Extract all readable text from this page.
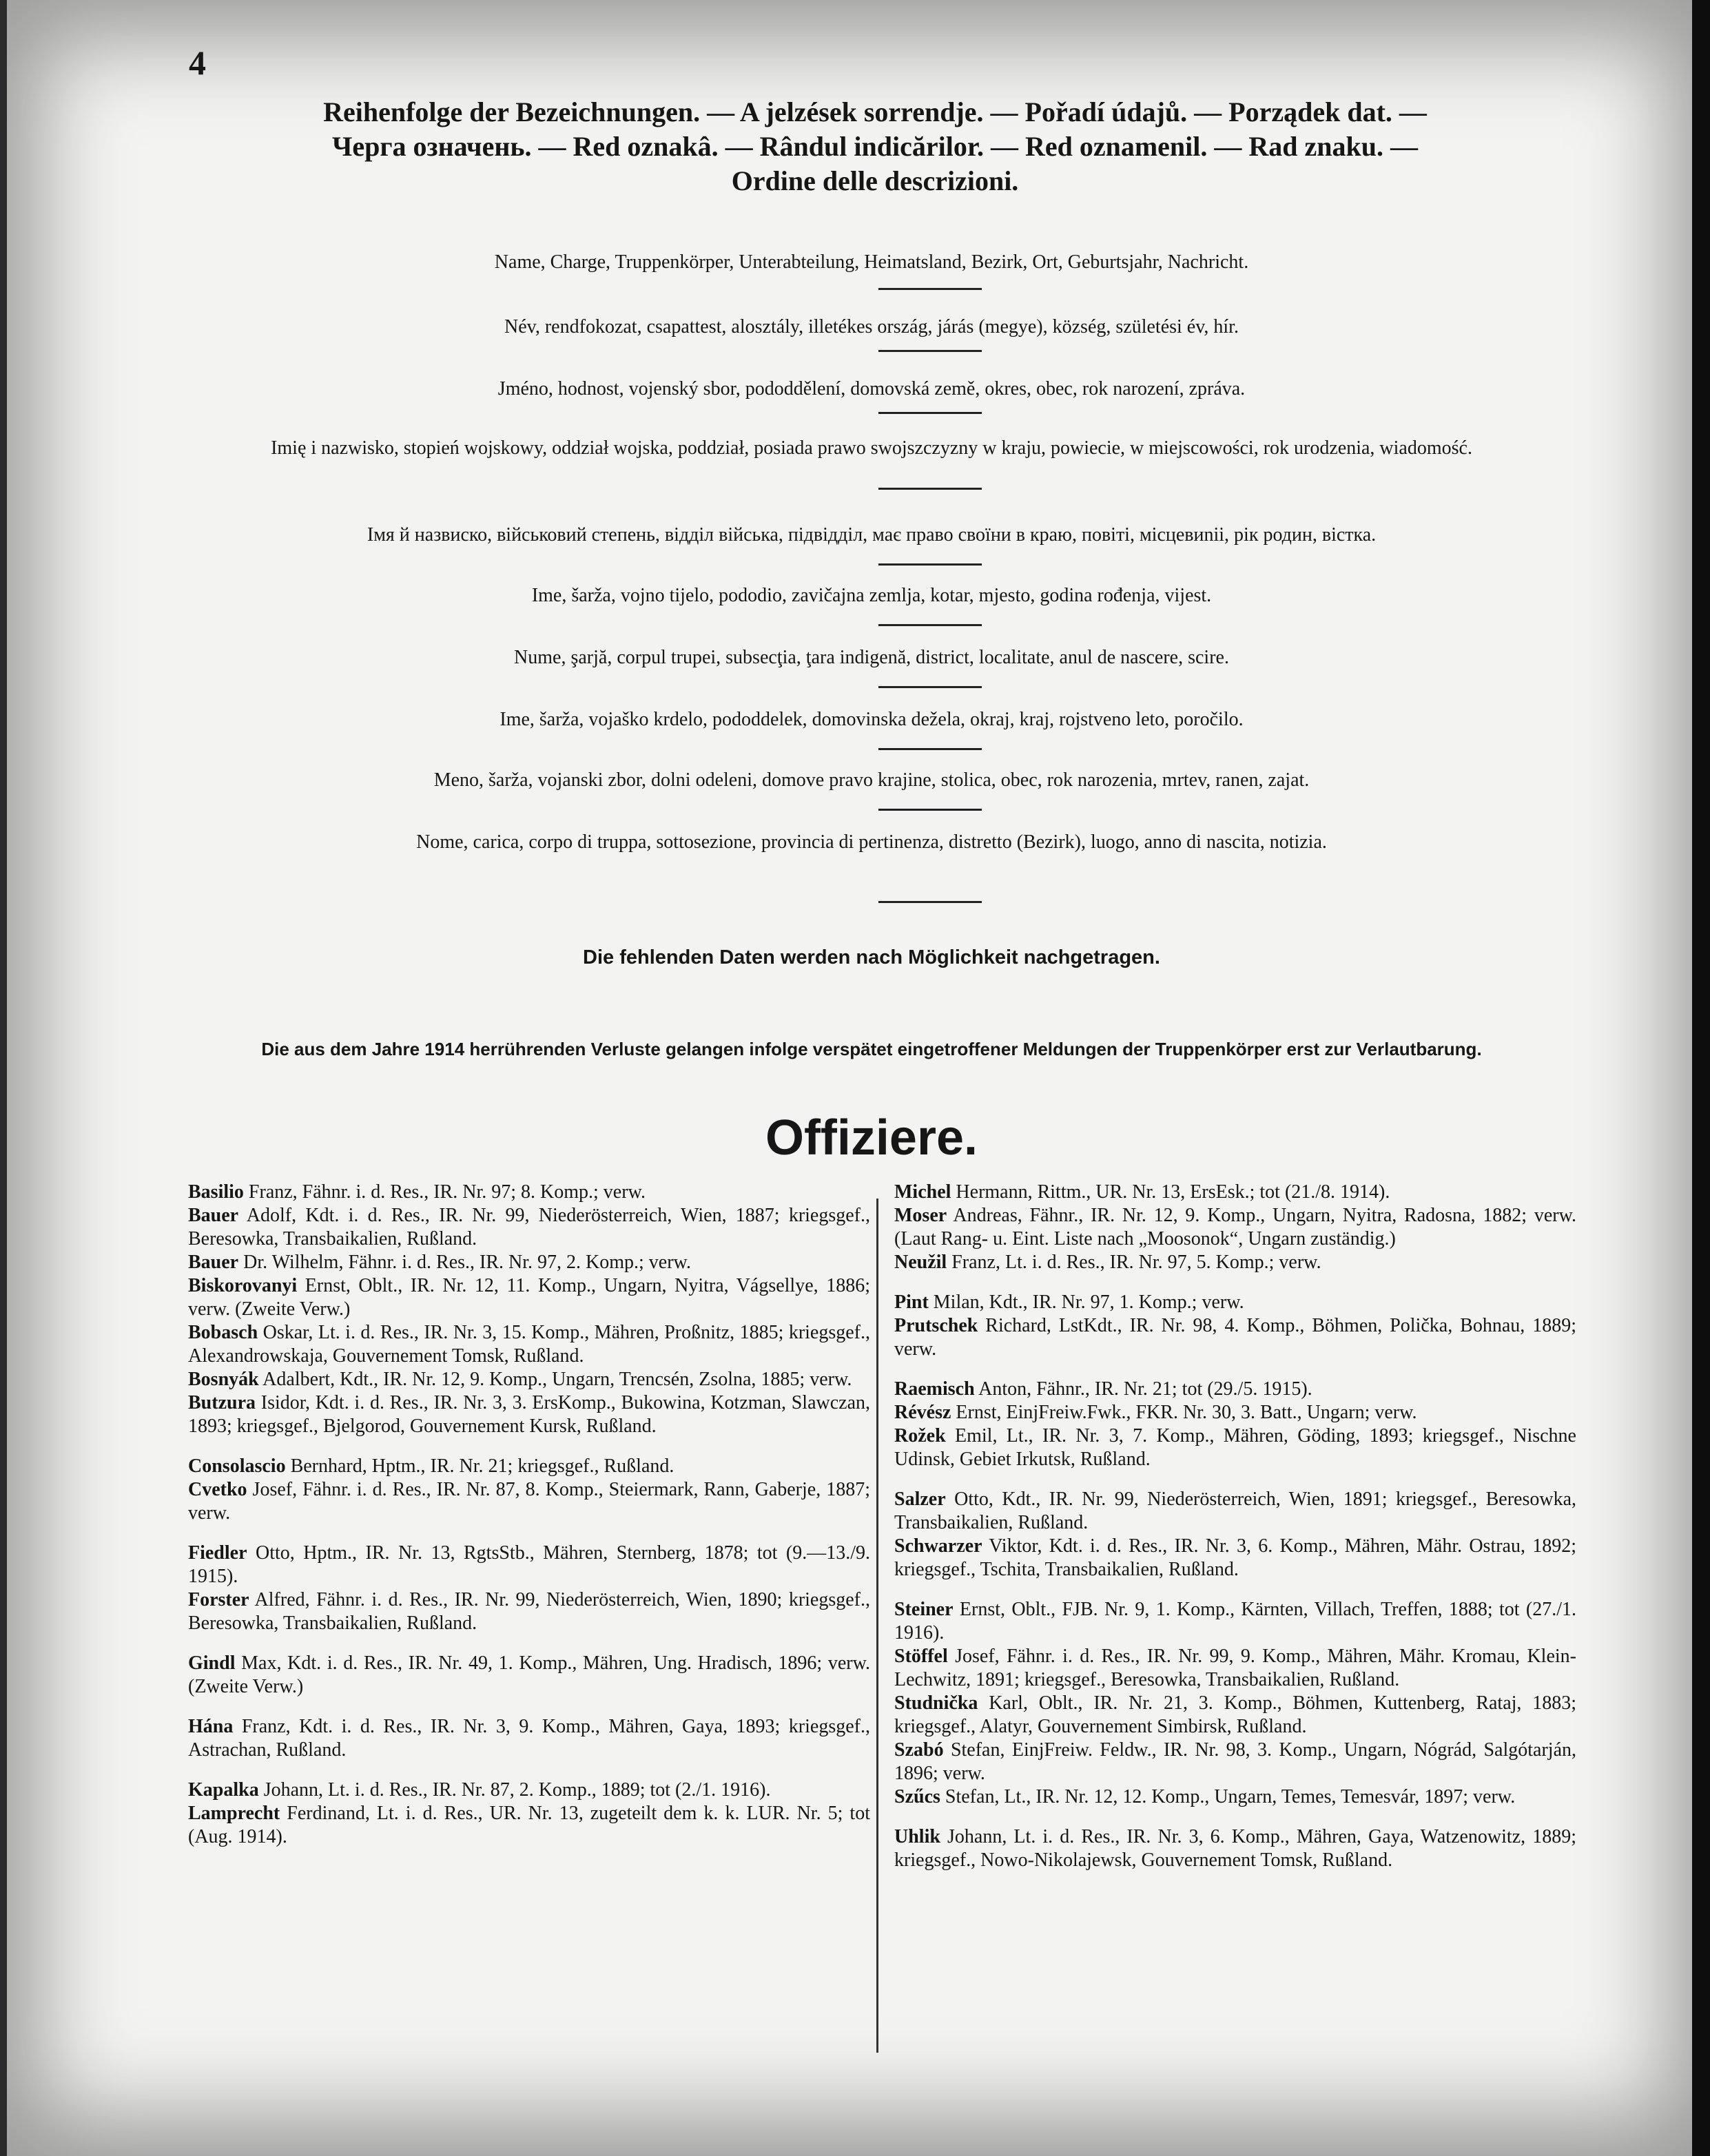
4
Reihenfolge der Bezeichnungen. — A jelzések sorrendje. — Pořadí údajů. — Porządek dat. —
Черга означень. — Red oznakâ. — Rândul indicărilor. — Red oznamenil. — Rad znaku. —
Ordine delle descrizioni.
Name, Charge, Truppenkörper, Unterabteilung, Heimatsland, Bezirk, Ort, Geburtsjahr, Nachricht.
Név, rendfokozat, csapattest, alosztály, illetékes ország, járás (megye), község, születési év, hír.
Jméno, hodnost, vojenský sbor, pododdělení, domovská země, okres, obec, rok narození, zpráva.
Imię i nazwisko, stopień wojskowy, oddział wojska, poddział, posiada prawo swojszczyzny w kraju, powiecie, w miejscowości, rok urodzenia, wiadomość.
Імя й назвиско, військовий степень, відділ війська, підвідділ, має право своїни в краю, повіті, місцевиniі, рік родин, вістка.
Ime, šarža, vojno tijelo, pododio, zavičajna zemlja, kotar, mjesto, godina rođenja, vijest.
Nume, şarjă, corpul trupei, subsecţia, ţara indigenă, district, localitate, anul de nascere, scire.
Ime, šarža, vojaško krdelo, pododdelek, domovinska dežela, okraj, kraj, rojstveno leto, poročilo.
Meno, šarža, vojanski zbor, dolni odeleni, domove pravo krajine, stolica, obec, rok narozenia, mrtev, ranen, zajat.
Nome, carica, corpo di truppa, sottosezione, provincia di pertinenza, distretto (Bezirk), luogo, anno di nascita, notizia.
Die fehlenden Daten werden nach Möglichkeit nachgetragen.
Die aus dem Jahre 1914 herrührenden Verluste gelangen infolge verspätet eingetroffener Meldungen der Truppenkörper erst zur Verlautbarung.
Offiziere.

Basilio Franz, Fähnr. i. d. Res., IR. Nr. 97; 8. Komp.; verw.

Bauer Adolf, Kdt. i. d. Res., IR. Nr. 99, Niederösterreich, Wien, 1887; kriegsgef., Beresowka, Transbaikalien, Rußland.

Bauer Dr. Wilhelm, Fähnr. i. d. Res., IR. Nr. 97, 2. Komp.; verw.

Biskorovanyi Ernst, Oblt., IR. Nr. 12, 11. Komp., Ungarn, Nyitra, Vágsellye, 1886; verw. (Zweite Verw.)

Bobasch Oskar, Lt. i. d. Res., IR. Nr. 3, 15. Komp., Mähren, Proßnitz, 1885; kriegsgef., Alexandrowskaja, Gouvernement Tomsk, Rußland.

Bosnyák Adalbert, Kdt., IR. Nr. 12, 9. Komp., Ungarn, Trencsén, Zsolna, 1885; verw.

Butzura Isidor, Kdt. i. d. Res., IR. Nr. 3, 3. ErsKomp., Bukowina, Kotzman, Slawczan, 1893; kriegsgef., Bjelgorod, Gouvernement Kursk, Rußland.

Consolascio Bernhard, Hptm., IR. Nr. 21; kriegsgef., Rußland.

Cvetko Josef, Fähnr. i. d. Res., IR. Nr. 87, 8. Komp., Steiermark, Rann, Gaberje, 1887; verw.

Fiedler Otto, Hptm., IR. Nr. 13, RgtsStb., Mähren, Sternberg, 1878; tot (9.—13./9. 1915).

Forster Alfred, Fähnr. i. d. Res., IR. Nr. 99, Niederösterreich, Wien, 1890; kriegsgef., Beresowka, Transbaikalien, Rußland.

Gindl Max, Kdt. i. d. Res., IR. Nr. 49, 1. Komp., Mähren, Ung. Hradisch, 1896; verw. (Zweite Verw.)

Hána Franz, Kdt. i. d. Res., IR. Nr. 3, 9. Komp., Mähren, Gaya, 1893; kriegsgef., Astrachan, Rußland.

Kapalka Johann, Lt. i. d. Res., IR. Nr. 87, 2. Komp., 1889; tot (2./1. 1916).

Lamprecht Ferdinand, Lt. i. d. Res., UR. Nr. 13, zugeteilt dem k. k. LUR. Nr. 5; tot (Aug. 1914).

Michel Hermann, Rittm., UR. Nr. 13, ErsEsk.; tot (21./8. 1914).

Moser Andreas, Fähnr., IR. Nr. 12, 9. Komp., Ungarn, Nyitra, Radosna, 1882; verw. (Laut Rang- u. Eint. Liste nach „Moosonok“, Ungarn zuständig.)

Neužil Franz, Lt. i. d. Res., IR. Nr. 97, 5. Komp.; verw.

Pint Milan, Kdt., IR. Nr. 97, 1. Komp.; verw.

Prutschek Richard, LstKdt., IR. Nr. 98, 4. Komp., Böhmen, Polička, Bohnau, 1889; verw.

Raemisch Anton, Fähnr., IR. Nr. 21; tot (29./5. 1915).

Révész Ernst, EinjFreiw.Fwk., FKR. Nr. 30, 3. Batt., Ungarn; verw.

Rožek Emil, Lt., IR. Nr. 3, 7. Komp., Mähren, Göding, 1893; kriegsgef., Nischne Udinsk, Gebiet Irkutsk, Rußland.

Salzer Otto, Kdt., IR. Nr. 99, Niederösterreich, Wien, 1891; kriegsgef., Beresowka, Transbaikalien, Rußland.

Schwarzer Viktor, Kdt. i. d. Res., IR. Nr. 3, 6. Komp., Mähren, Mähr. Ostrau, 1892; kriegsgef., Tschita, Transbaikalien, Rußland.

Steiner Ernst, Oblt., FJB. Nr. 9, 1. Komp., Kärnten, Villach, Treffen, 1888; tot (27./1. 1916).

Stöffel Josef, Fähnr. i. d. Res., IR. Nr. 99, 9. Komp., Mähren, Mähr. Kromau, Klein-Lechwitz, 1891; kriegsgef., Beresowka, Transbaikalien, Rußland.

Studnička Karl, Oblt., IR. Nr. 21, 3. Komp., Böhmen, Kuttenberg, Rataj, 1883; kriegsgef., Alatyr, Gouvernement Simbirsk, Rußland.

Szabó Stefan, EinjFreiw. Feldw., IR. Nr. 98, 3. Komp., Ungarn, Nógrád, Salgótarján, 1896; verw.

Szűcs Stefan, Lt., IR. Nr. 12, 12. Komp., Ungarn, Temes, Temesvár, 1897; verw.

Uhlik Johann, Lt. i. d. Res., IR. Nr. 3, 6. Komp., Mähren, Gaya, Watzenowitz, 1889; kriegsgef., Nowo-Nikolajewsk, Gouvernement Tomsk, Rußland.
